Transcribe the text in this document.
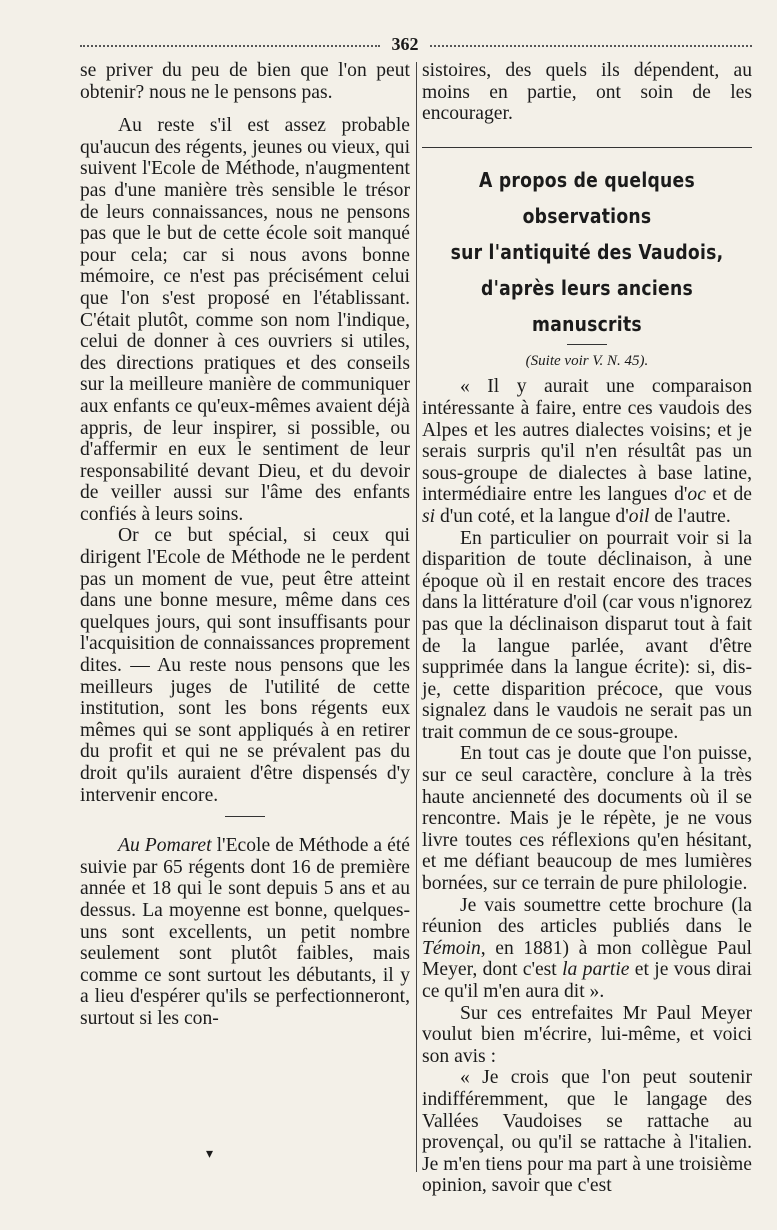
362

se priver du peu de bien que l'on peut obtenir? nous ne le pensons pas.

Au reste s'il est assez probable qu'aucun des régents, jeunes ou vieux, qui suivent l'Ecole de Méthode, n'augmentent pas d'une manière très sensible le trésor de leurs connaissances, nous ne pensons pas que le but de cette école soit manqué pour cela; car si nous avons bonne mémoire, ce n'est pas précisément celui que l'on s'est proposé en l'établissant. C'était plutôt, comme son nom l'indique, celui de donner à ces ouvriers si utiles, des directions pratiques et des conseils sur la meilleure manière de communiquer aux enfants ce qu'eux-mêmes avaient déjà appris, de leur inspirer, si possible, ou d'affermir en eux le sentiment de leur responsabilité devant Dieu, et du devoir de veiller aussi sur l'âme des enfants confiés à leurs soins.

Or ce but spécial, si ceux qui dirigent l'Ecole de Méthode ne le perdent pas un moment de vue, peut être atteint dans une bonne mesure, même dans ces quelques jours, qui sont insuffisants pour l'acquisition de connaissances proprement dites. — Au reste nous pensons que les meilleurs juges de l'utilité de cette institution, sont les bons régents eux mêmes qui se sont appliqués à en retirer du profit et qui ne se prévalent pas du droit qu'ils auraient d'être dispensés d'y intervenir encore.

Au Pomaret l'Ecole de Méthode a été suivie par 65 régents dont 16 de première année et 18 qui le sont depuis 5 ans et au dessus. La moyenne est bonne, quelques-uns sont excellents, un petit nombre seulement sont plutôt faibles, mais comme ce sont surtout les débutants, il y a lieu d'espérer qu'ils se perfectionneront, surtout si les con-

sistoires, des quels ils dépendent, au moins en partie, ont soin de les encourager.

A propos de quelques observations
sur l'antiquité des Vaudois,
d'après leurs anciens manuscrits
(Suite voir V. N. 45).

« Il y aurait une comparaison intéressante à faire, entre ces vaudois des Alpes et les autres dialectes voisins; et je serais surpris qu'il n'en résultât pas un sous-groupe de dialectes à base latine, intermédiaire entre les langues d'oc et de si d'un coté, et la langue d'oil de l'autre.

En particulier on pourrait voir si la disparition de toute déclinaison, à une époque où il en restait encore des traces dans la littérature d'oil (car vous n'ignorez pas que la déclinaison disparut tout à fait de la langue parlée, avant d'être supprimée dans la langue écrite): si, dis-je, cette disparition précoce, que vous signalez dans le vaudois ne serait pas un trait commun de ce sous-groupe.

En tout cas je doute que l'on puisse, sur ce seul caractère, conclure à la très haute ancienneté des documents où il se rencontre. Mais je le répète, je ne vous livre toutes ces réflexions qu'en hésitant, et me défiant beaucoup de mes lumières bornées, sur ce terrain de pure philologie.

Je vais soumettre cette brochure (la réunion des articles publiés dans le Témoin, en 1881) à mon collègue Paul Meyer, dont c'est la partie et je vous dirai ce qu'il m'en aura dit ».

Sur ces entrefaites Mr Paul Meyer voulut bien m'écrire, lui-même, et voici son avis :

« Je crois que l'on peut soutenir indifféremment, que le langage des Vallées Vaudoises se rattache au provençal, ou qu'il se rattache à l'italien. Je m'en tiens pour ma part à une troisième opinion, savoir que c'est

▾
